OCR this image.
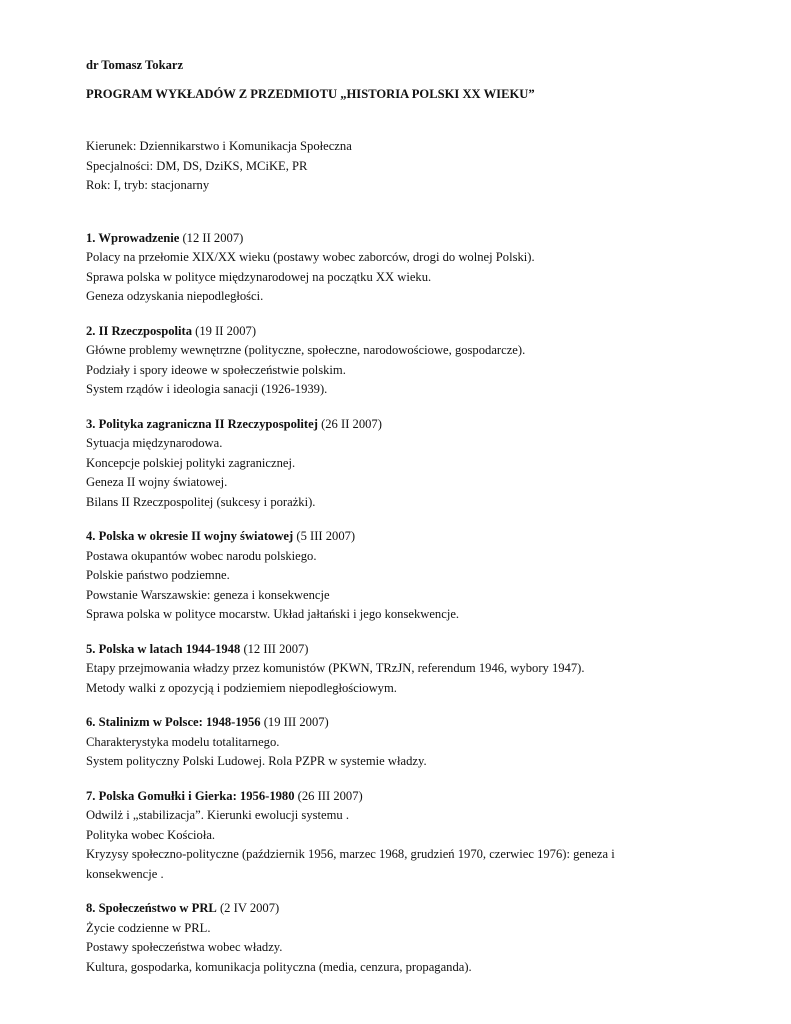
dr Tomasz Tokarz

PROGRAM WYKŁADÓW Z PRZEDMIOTU „HISTORIA POLSKI XX WIEKU”

Kierunek: Dziennikarstwo i Komunikacja Społeczna
Specjalności: DM, DS, DziKS, MCiKE, PR
Rok: I, tryb: stacjonarny
1. Wprowadzenie (12 II 2007)
Polacy na przełomie XIX/XX wieku (postawy wobec zaborców, drogi do wolnej Polski).
Sprawa polska w polityce międzynarodowej na początku XX wieku.
Geneza odzyskania niepodległości.
2. II Rzeczpospolita (19 II 2007)
Główne problemy wewnętrzne (polityczne, społeczne, narodowościowe, gospodarcze).
Podziały i spory ideowe w społeczeństwie polskim.
System rządów i ideologia sanacji (1926-1939).
3. Polityka zagraniczna II Rzeczypospolitej (26 II 2007)
Sytuacja międzynarodowa.
Koncepcje polskiej polityki zagranicznej.
Geneza II wojny światowej.
Bilans II Rzeczpospolitej (sukcesy i porażki).
4. Polska w okresie II wojny światowej (5 III 2007)
Postawa okupantów wobec narodu polskiego.
Polskie państwo podziemne.
Powstanie Warszawskie: geneza i konsekwencje
Sprawa polska w polityce mocarstw. Układ jałtański i jego konsekwencje.
5. Polska w latach 1944-1948 (12 III 2007)
Etapy przejmowania władzy przez komunistów (PKWN, TRzJN, referendum 1946, wybory 1947).
Metody walki z opozycją i podziemiem niepodległościowym.
6. Stalinizm w Polsce: 1948-1956 (19 III 2007)
Charakterystyka modelu totalitarnego.
System polityczny Polski Ludowej. Rola PZPR w systemie władzy.
7. Polska Gomułki i Gierka: 1956-1980 (26 III 2007)
Odwilż i „stabilizacja”. Kierunki ewolucji systemu .
Polityka wobec Kościoła.
Kryzysy społeczno-polityczne (październik 1956, marzec 1968, grudzień 1970, czerwiec 1976): geneza i
konsekwencje .
8. Społeczeństwo w PRL (2 IV 2007)
Życie codzienne w PRL.
Postawy społeczeństwa wobec władzy.
Kultura, gospodarka, komunikacja polityczna (media, cenzura, propaganda).
